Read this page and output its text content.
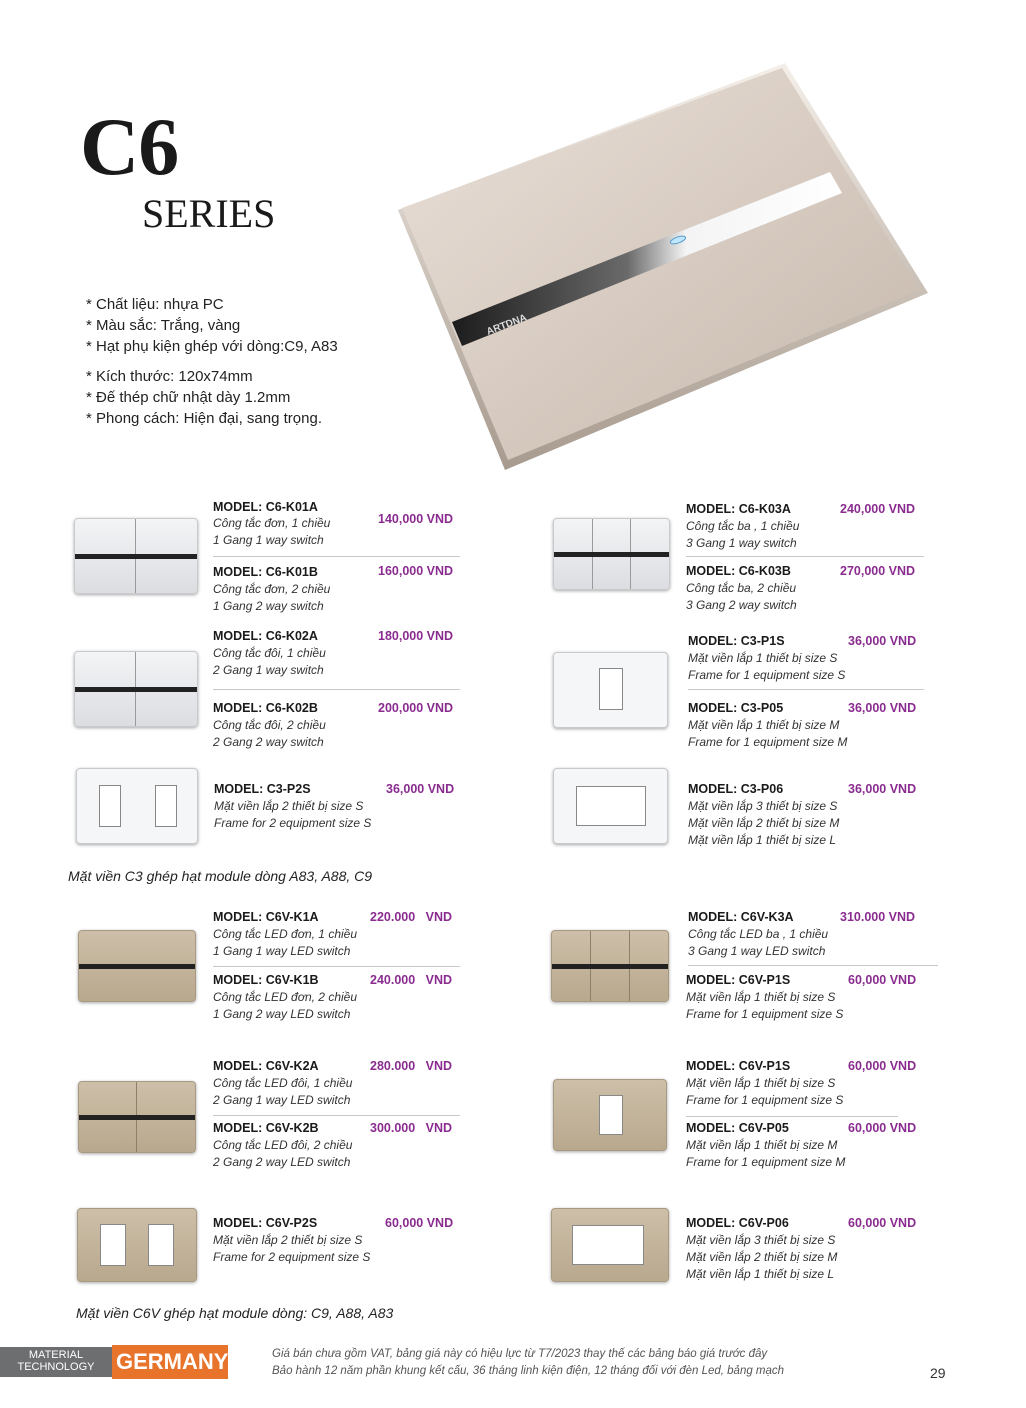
C6
SERIES
* Chất liệu: nhựa PC
* Màu sắc: Trắng, vàng
* Hạt phụ kiện ghép với dòng:C9, A83
* Kích thước: 120x74mm
* Đế thép chữ nhật dày 1.2mm
* Phong cách: Hiện đại, sang trọng.
ARTDNA
MODEL: C6-K01A
Công tắc đơn, 1 chiều
1 Gang 1 way switch
140,000 VND
MODEL: C6-K01B
Công tắc đơn, 2 chiều
1 Gang 2 way switch
160,000 VND
MODEL: C6-K02A
Công tắc đôi, 1 chiều
2 Gang 1 way switch
180,000 VND
MODEL: C6-K02B
Công tắc đôi, 2 chiều
2 Gang 2 way switch
200,000 VND
MODEL: C3-P2S
Mặt viền lắp 2 thiết bị size S
Frame for 2 equipment size S
36,000 VND
MODEL: C6-K03A
Công tắc ba , 1 chiều
3 Gang 1 way switch
240,000 VND
MODEL: C6-K03B
Công tắc ba, 2 chiều
3 Gang 2 way switch
270,000 VND
MODEL: C3-P1S
Mặt viền lắp 1 thiết bị size S
Frame for 1 equipment size S
36,000 VND
MODEL: C3-P05
Mặt viền lắp 1 thiết bị size M
Frame for 1 equipment size M
36,000 VND
MODEL: C3-P06
Mặt viền lắp 3 thiết bị size S
Mặt viền lắp 2 thiết bị size M
Mặt viền lắp 1 thiết bị size L
36,000 VND
Mặt viền C3 ghép hạt module dòng A83, A88, C9
MODEL: C6V-K1A
Công tắc LED đơn, 1 chiều
1 Gang 1 way LED switch
220.000   VND
MODEL: C6V-K1B
Công tắc LED đơn, 2 chiều
1 Gang 2 way LED switch
240.000   VND
MODEL: C6V-K2A
Công tắc LED đôi, 1 chiều
2 Gang 1 way LED switch
280.000   VND
MODEL: C6V-K2B
Công tắc LED đôi, 2 chiều
2 Gang 2 way LED switch
300.000   VND
MODEL: C6V-P2S
Mặt viền lắp 2 thiết bị size S
Frame for 2 equipment size S
60,000 VND
MODEL: C6V-K3A
Công tắc LED ba , 1 chiều
3 Gang 1 way LED switch
310.000 VND
MODEL: C6V-P1S
Mặt viền lắp 1 thiết bị size S
Frame for 1 equipment size S
60,000 VND
MODEL: C6V-P1S
Mặt viền lắp 1 thiết bị size S
Frame for 1 equipment size S
60,000 VND
MODEL: C6V-P05
Mặt viền lắp 1 thiết bị size M
Frame for 1 equipment size M
60,000 VND
MODEL: C6V-P06
Mặt viền lắp 3 thiết bị size S
Mặt viền lắp 2 thiết bị size M
Mặt viền lắp 1 thiết bị size L
60,000 VND
Mặt viền C6V ghép hạt module dòng: C9, A88, A83
MATERIAL
TECHNOLOGY GERMANY	Giá bán chưa gồm VAT, bảng giá này có hiệu lực từ T7/2023 thay thế các bảng báo giá trước đây
Bảo hành 12 năm phần khung kết cấu, 36 tháng linh kiện điện, 12 tháng đối với đèn Led, bảng mạch	29
